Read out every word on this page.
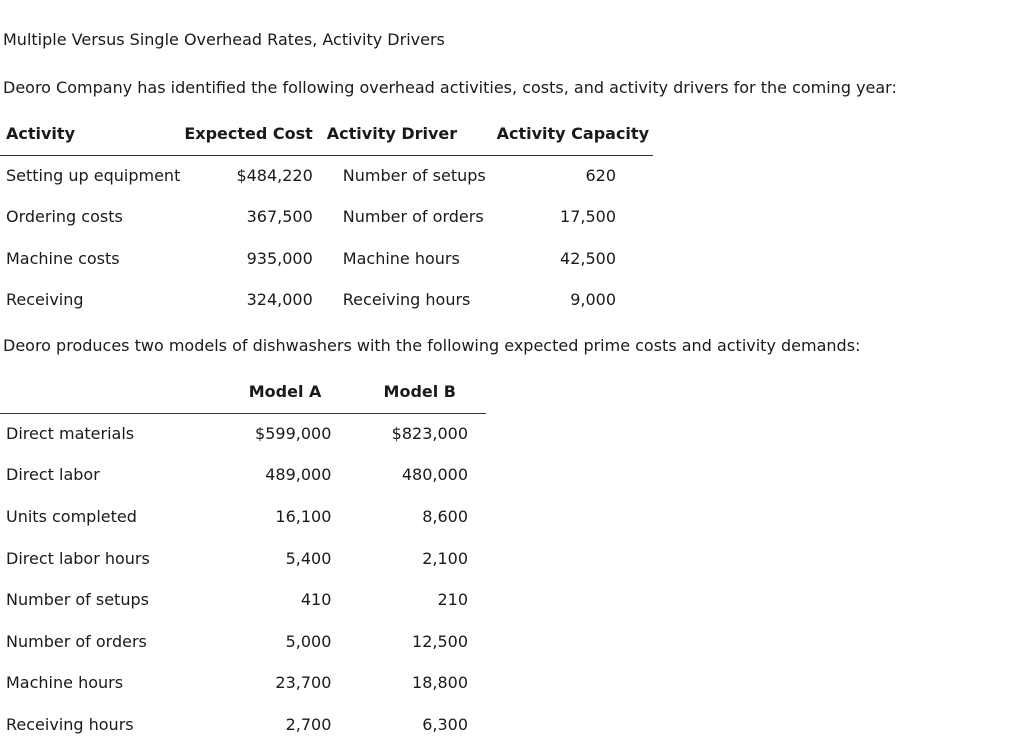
Multiple Versus Single Overhead Rates, Activity Drivers
Deoro Company has identified the following overhead activities, costs, and activity drivers for the coming year:
Activity	Expected Cost	Activity Driver	Activity Capacity
Setting up equipment	$484,220	Number of setups	620
Ordering costs	367,500	Number of orders	17,500
Machine costs	935,000	Machine hours	42,500
Receiving	324,000	Receiving hours	9,000
Deoro produces two models of dishwashers with the following expected prime costs and activity demands:
	Model A	Model B
Direct materials	$599,000	$823,000
Direct labor	489,000	480,000
Units completed	16,100	8,600
Direct labor hours	5,400	2,100
Number of setups	410	210
Number of orders	5,000	12,500
Machine hours	23,700	18,800
Receiving hours	2,700	6,300
